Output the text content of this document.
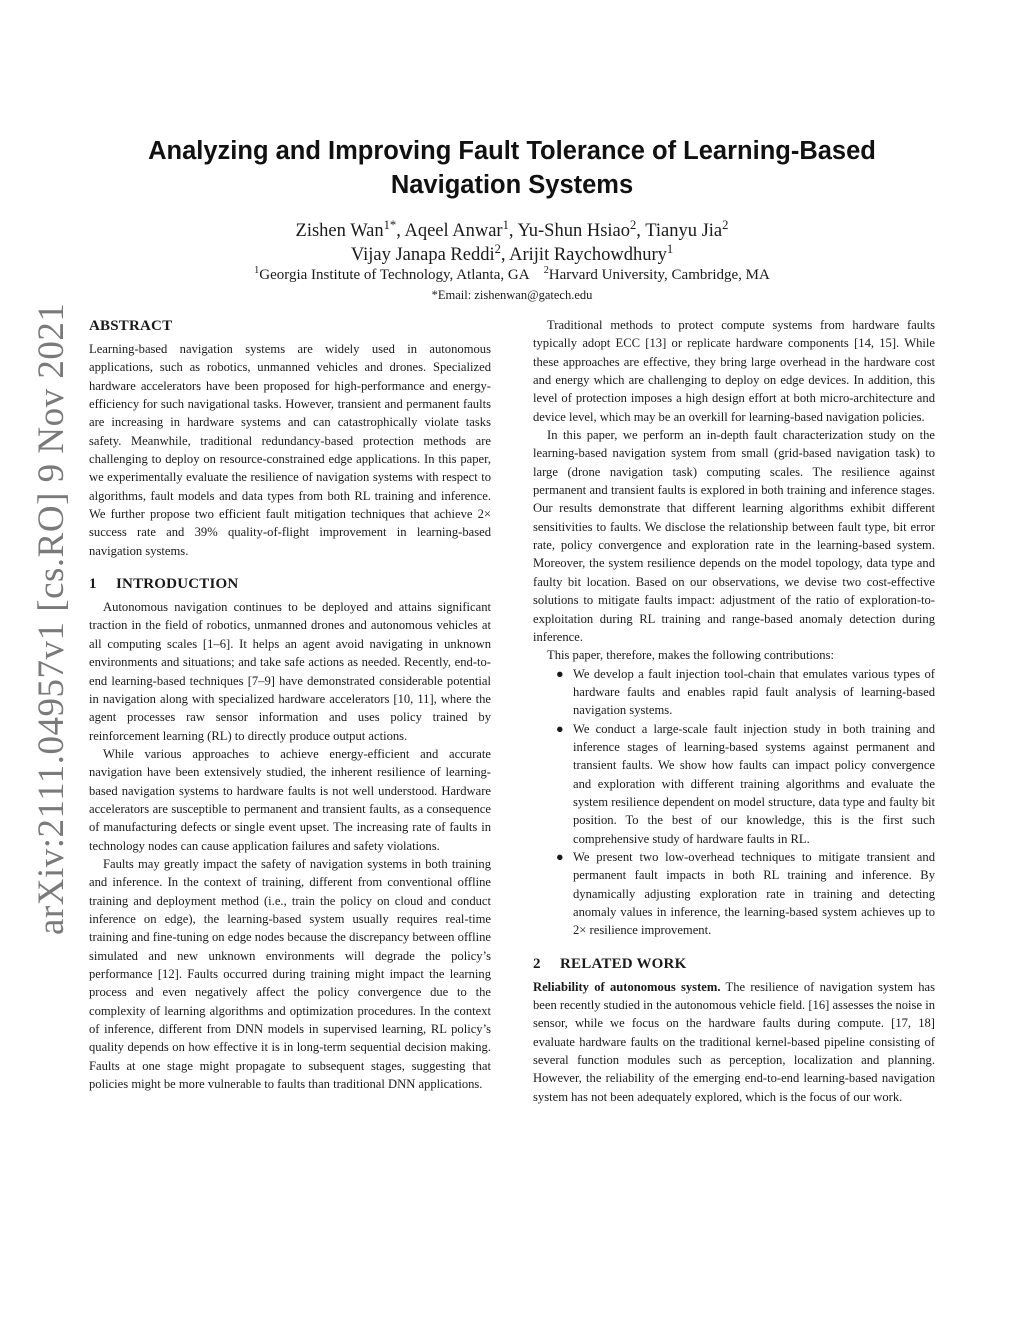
arXiv:2111.04957v1 [cs.RO] 9 Nov 2021
Analyzing and Improving Fault Tolerance of Learning-Based Navigation Systems
Zishen Wan$^{1*}$, Aqeel Anwar$^1$, Yu-Shun Hsiao$^2$, Tianyu Jia$^2$
Vijay Janapa Reddi$^2$, Arijit Raychowdhury$^1$
$^1$Georgia Institute of Technology, Atlanta, GA $^2$Harvard University, Cambridge, MA
*Email: zishenwan@gatech.edu
ABSTRACT

Learning-based navigation systems are widely used in autonomous applications, such as robotics, unmanned vehicles and drones. Specialized hardware accelerators have been proposed for high-performance and energy-efficiency for such navigational tasks. However, transient and permanent faults are increasing in hardware systems and can catastrophically violate tasks safety. Meanwhile, traditional redundancy-based protection methods are challenging to deploy on resource-constrained edge applications. In this paper, we experimentally evaluate the resilience of navigation systems with respect to algorithms, fault models and data types from both RL training and inference. We further propose two efficient fault mitigation techniques that achieve 2× success rate and 39% quality-of-flight improvement in learning-based navigation systems.

1 INTRODUCTION

Autonomous navigation continues to be deployed and attains significant traction in the field of robotics, unmanned drones and autonomous vehicles at all computing scales [1–6]. It helps an agent avoid navigating in unknown environments and situations; and take safe actions as needed. Recently, end-to-end learning-based techniques [7–9] have demonstrated considerable potential in navigation along with specialized hardware accelerators [10, 11], where the agent processes raw sensor information and uses policy trained by reinforcement learning (RL) to directly produce output actions.

While various approaches to achieve energy-efficient and accurate navigation have been extensively studied, the inherent resilience of learning-based navigation systems to hardware faults is not well understood. Hardware accelerators are susceptible to permanent and transient faults, as a consequence of manufacturing defects or single event upset. The increasing rate of faults in technology nodes can cause application failures and safety violations.

Faults may greatly impact the safety of navigation systems in both training and inference. In the context of training, different from conventional offline training and deployment method (i.e., train the policy on cloud and conduct inference on edge), the learning-based system usually requires real-time training and fine-tuning on edge nodes because the discrepancy between offline simulated and new unknown environments will degrade the policy’s performance [12]. Faults occurred during training might impact the learning process and even negatively affect the policy convergence due to the complexity of learning algorithms and optimization procedures. In the context of inference, different from DNN models in supervised learning, RL policy’s quality depends on how effective it is in long-term sequential decision making. Faults at one stage might propagate to subsequent stages, suggesting that policies might be more vulnerable to faults than traditional DNN applications.

Traditional methods to protect compute systems from hardware faults typically adopt ECC [13] or replicate hardware components [14, 15]. While these approaches are effective, they bring large overhead in the hardware cost and energy which are challenging to deploy on edge devices. In addition, this level of protection imposes a high design effort at both micro-architecture and device level, which may be an overkill for learning-based navigation policies.

In this paper, we perform an in-depth fault characterization study on the learning-based navigation system from small (grid-based navigation task) to large (drone navigation task) computing scales. The resilience against permanent and transient faults is explored in both training and inference stages. Our results demonstrate that different learning algorithms exhibit different sensitivities to faults. We disclose the relationship between fault type, bit error rate, policy convergence and exploration rate in the learning-based system. Moreover, the system resilience depends on the model topology, data type and faulty bit location. Based on our observations, we devise two cost-effective solutions to mitigate faults impact: adjustment of the ratio of exploration-to-exploitation during RL training and range-based anomaly detection during inference.

This paper, therefore, makes the following contributions:

● We develop a fault injection tool-chain that emulates various types of hardware faults and enables rapid fault analysis of learning-based navigation systems.
● We conduct a large-scale fault injection study in both training and inference stages of learning-based systems against permanent and transient faults. We show how faults can impact policy convergence and exploration with different training algorithms and evaluate the system resilience dependent on model structure, data type and faulty bit position. To the best of our knowledge, this is the first such comprehensive study of hardware faults in RL.
● We present two low-overhead techniques to mitigate transient and permanent fault impacts in both RL training and inference. By dynamically adjusting exploration rate in training and detecting anomaly values in inference, the learning-based system achieves up to 2× resilience improvement.
2 RELATED WORK

Reliability of autonomous system. The resilience of navigation system has been recently studied in the autonomous vehicle field. [16] assesses the noise in sensor, while we focus on the hardware faults during compute. [17, 18] evaluate hardware faults on the traditional kernel-based pipeline consisting of several function modules such as perception, localization and planning. However, the reliability of the emerging end-to-end learning-based navigation system has not been adequately explored, which is the focus of our work.
